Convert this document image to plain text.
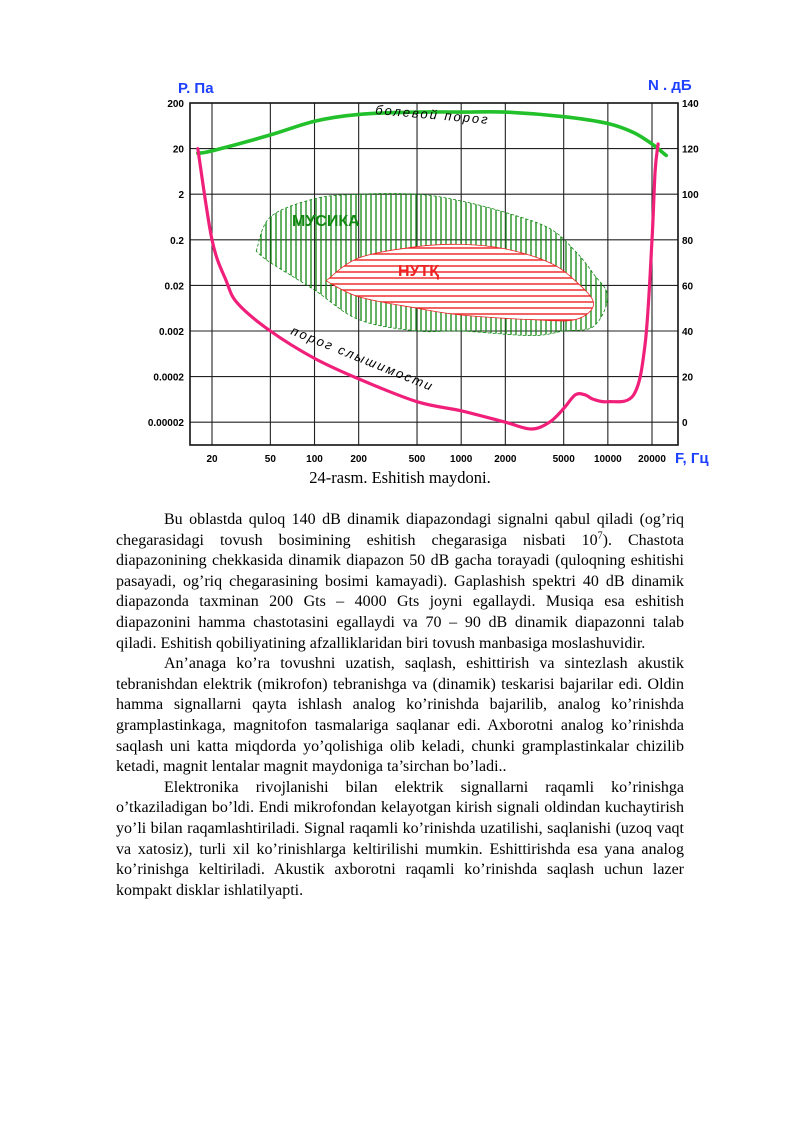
P. Па	N . дБ
F, Гц
МУСИКА
НУТҚ
болевой порог
порог слышимости
200	140
20	120
2	100
0.2	80
0.02	60
0.002	40
0.0002	20
0.00002	0
20	50	100	200	500 1000 2000	5000 10000 20000
24-rasm. Eshitish maydoni.

Bu oblastda quloq 140 dB dinamik diapazondagi signalni qabul qiladi (og’riq chegarasidagi tovush bosimining eshitish chegarasiga nisbati $10^7$). Chastota diapazonining chekkasida dinamik diapazon 50 dB gacha torayadi (quloqning eshitishi pasayadi, og’riq chegarasining bosimi kamayadi). Gaplashish spektri 40 dB dinamik diapazonda taxminan 200 Gts – 4000 Gts joyni egallaydi. Musiqa esa eshitish diapazonini hamma chastotasini egallaydi va 70 – 90 dB dinamik diapazonni talab qiladi. Eshitish qobiliyatining afzalliklaridan biri tovush manbasiga moslashuvidir.

An’anaga ko’ra tovushni uzatish, saqlash, eshittirish va sintezlash akustik tebranishdan elektrik (mikrofon) tebranishga va (dinamik) teskarisi bajarilar edi. Oldin hamma signallarni qayta ishlash analog ko’rinishda bajarilib, analog ko’rinishda gramplastinkaga, magnitofon tasmalariga saqlanar edi. Axborotni analog ko’rinishda saqlash uni katta miqdorda yo’qolishiga olib keladi, chunki gramplastinkalar chizilib ketadi, magnit lentalar magnit maydoniga ta’sirchan bo’ladi..

Elektronika rivojlanishi bilan elektrik signallarni raqamli ko’rinishga o’tkaziladigan bo’ldi. Endi mikrofondan kelayotgan kirish signali oldindan kuchaytirish yo’li bilan raqamlashtiriladi. Signal raqamli ko’rinishda uzatilishi, saqlanishi (uzoq vaqt va xatosiz), turli xil ko’rinishlarga keltirilishi mumkin. Eshittirishda esa yana analog ko’rinishga keltiriladi. Akustik axborotni raqamli ko’rinishda saqlash uchun lazer kompakt disklar ishlatilyapti.
